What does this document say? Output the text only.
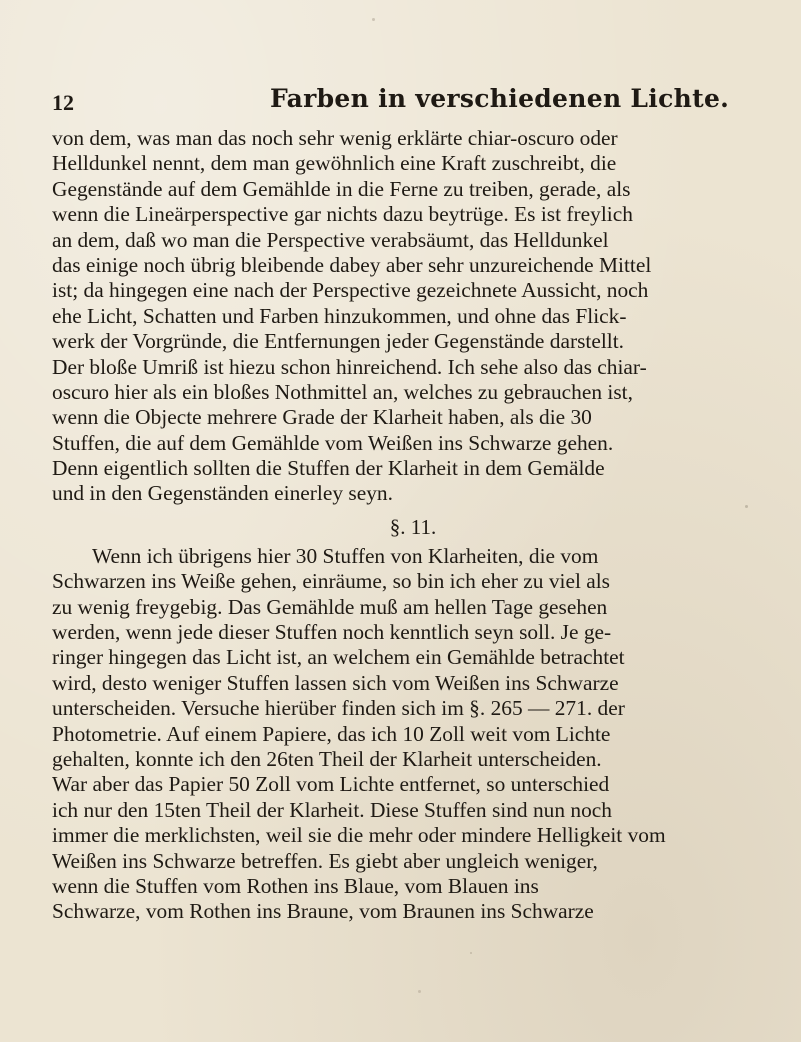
12	Farben in verschiedenen Lichte.
von dem, was man das noch sehr wenig erklärte chiar-oscuro oder
Helldunkel nennt, dem man gewöhnlich eine Kraft zuschreibt, die
Gegenstände auf dem Gemählde in die Ferne zu treiben, gerade, als
wenn die Lineärperspective gar nichts dazu beytrüge. Es ist freylich
an dem, daß wo man die Perspective verabsäumt, das Helldunkel
das einige noch übrig bleibende dabey aber sehr unzureichende Mittel
ist; da hingegen eine nach der Perspective gezeichnete Aussicht, noch
ehe Licht, Schatten und Farben hinzukommen, und ohne das Flick-
werk der Vorgründe, die Entfernungen jeder Gegenstände darstellt.
Der bloße Umriß ist hiezu schon hinreichend. Ich sehe also das chiar-
oscuro hier als ein bloßes Nothmittel an, welches zu gebrauchen ist,
wenn die Objecte mehrere Grade der Klarheit haben, als die 30
Stuffen, die auf dem Gemählde vom Weißen ins Schwarze gehen.
Denn eigentlich sollten die Stuffen der Klarheit in dem Gemälde
und in den Gegenständen einerley seyn.
§. 11.
Wenn ich übrigens hier 30 Stuffen von Klarheiten, die vom
Schwarzen ins Weiße gehen, einräume, so bin ich eher zu viel als
zu wenig freygebig. Das Gemählde muß am hellen Tage gesehen
werden, wenn jede dieser Stuffen noch kenntlich seyn soll. Je ge-
ringer hingegen das Licht ist, an welchem ein Gemählde betrachtet
wird, desto weniger Stuffen lassen sich vom Weißen ins Schwarze
unterscheiden. Versuche hierüber finden sich im §. 265 — 271. der
Photometrie. Auf einem Papiere, das ich 10 Zoll weit vom Lichte
gehalten, konnte ich den 26ten Theil der Klarheit unterscheiden.
War aber das Papier 50 Zoll vom Lichte entfernet, so unterschied
ich nur den 15ten Theil der Klarheit. Diese Stuffen sind nun noch
immer die merklichsten, weil sie die mehr oder mindere Helligkeit vom
Weißen ins Schwarze betreffen. Es giebt aber ungleich weniger,
wenn die Stuffen vom Rothen ins Blaue, vom Blauen ins
Schwarze, vom Rothen ins Braune, vom Braunen ins Schwarze
